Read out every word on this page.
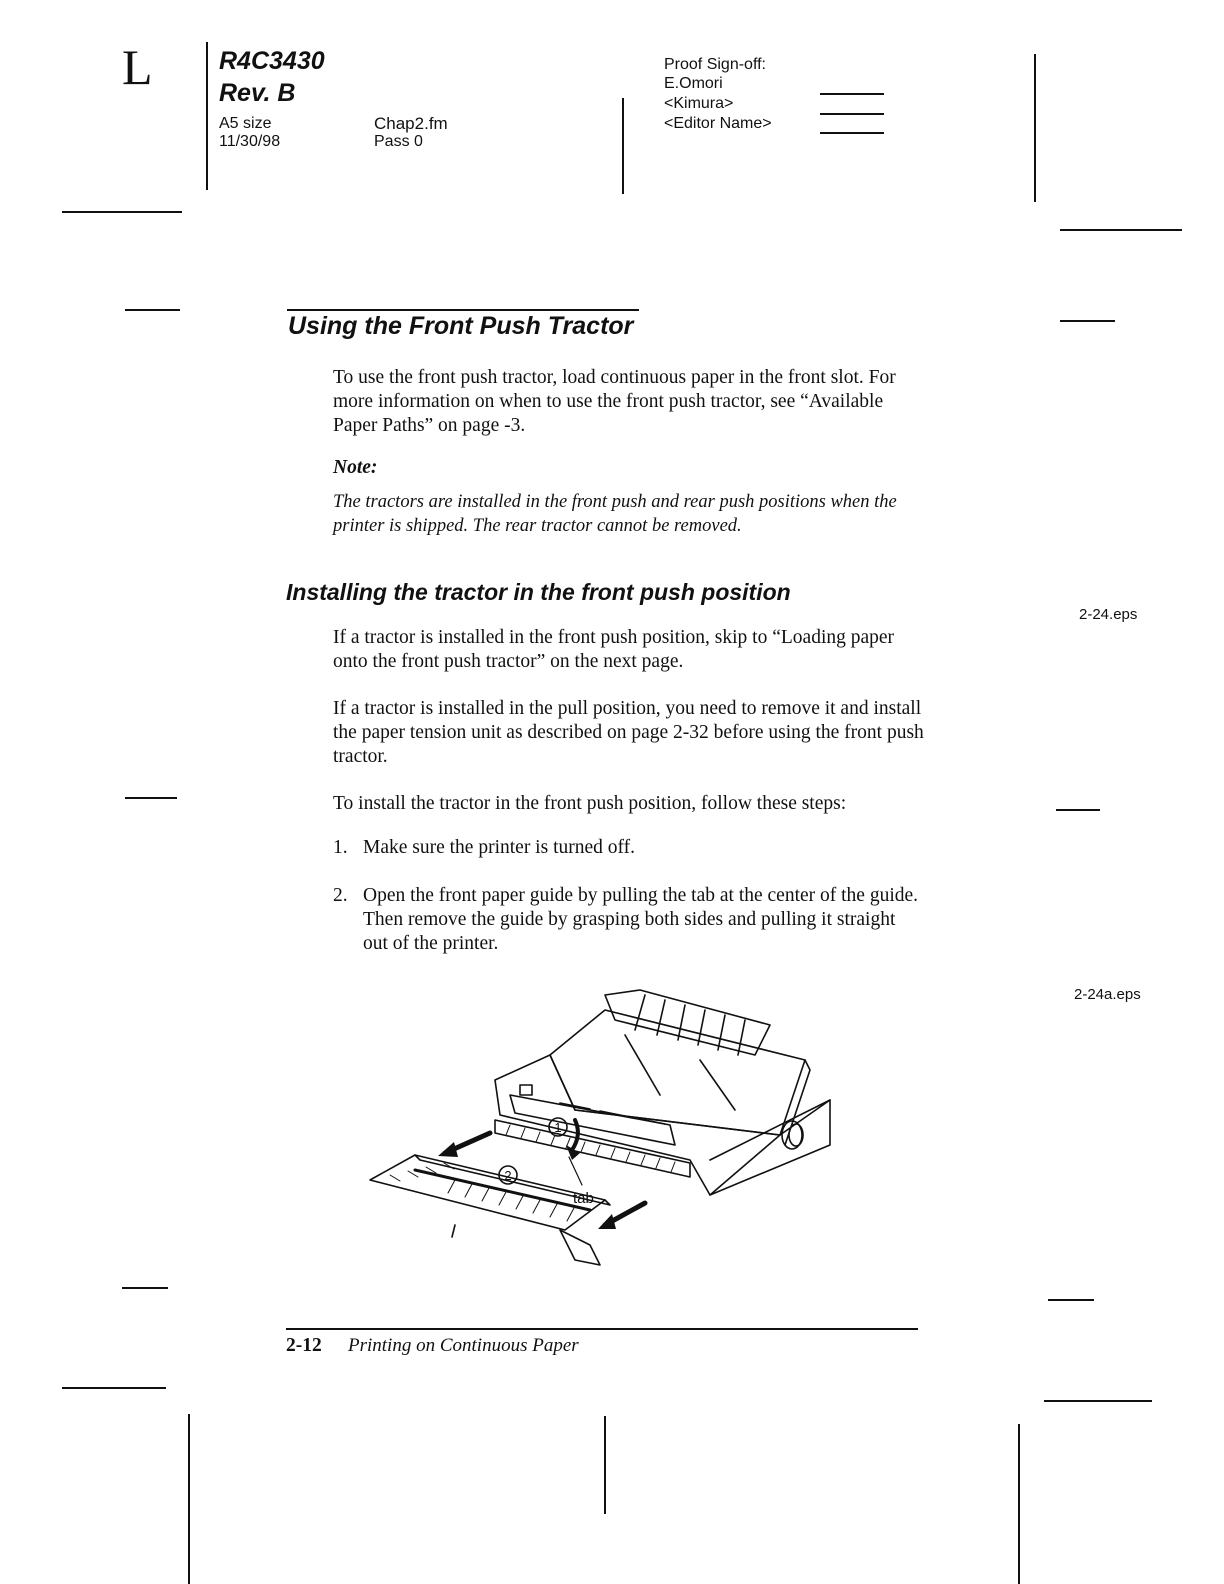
L	R4C3430
Rev. B
A5 size
11/30/98
Chap2.fm
Pass 0
Proof Sign-off:
E.Omori
<Kimura>
<Editor Name>
Using the Front Push Tractor

To use the front push tractor, load continuous paper in the front slot. For more information on when to use the front push tractor, see “Available Paper Paths” on page -3.

Note:

The tractors are installed in the front push and rear push positions when the printer is shipped. The rear tractor cannot be removed.

Installing the tractor in the front push position
2-24.eps

If a tractor is installed in the front push position, skip to “Loading paper onto the front push tractor” on the next page.

If a tractor is installed in the pull position, you need to remove it and install the paper tension unit as described on page 2-32 before using the front push tractor.

To install the tractor in the front push position, follow these steps:

1. Make sure the printer is turned off.
2. Open the front paper guide by pulling the tab at the center of the guide. Then remove the guide by grasping both sides and pulling it straight out of the printer.
2-24a.eps
1
2
tab
2-12 Printing on Continuous Paper
